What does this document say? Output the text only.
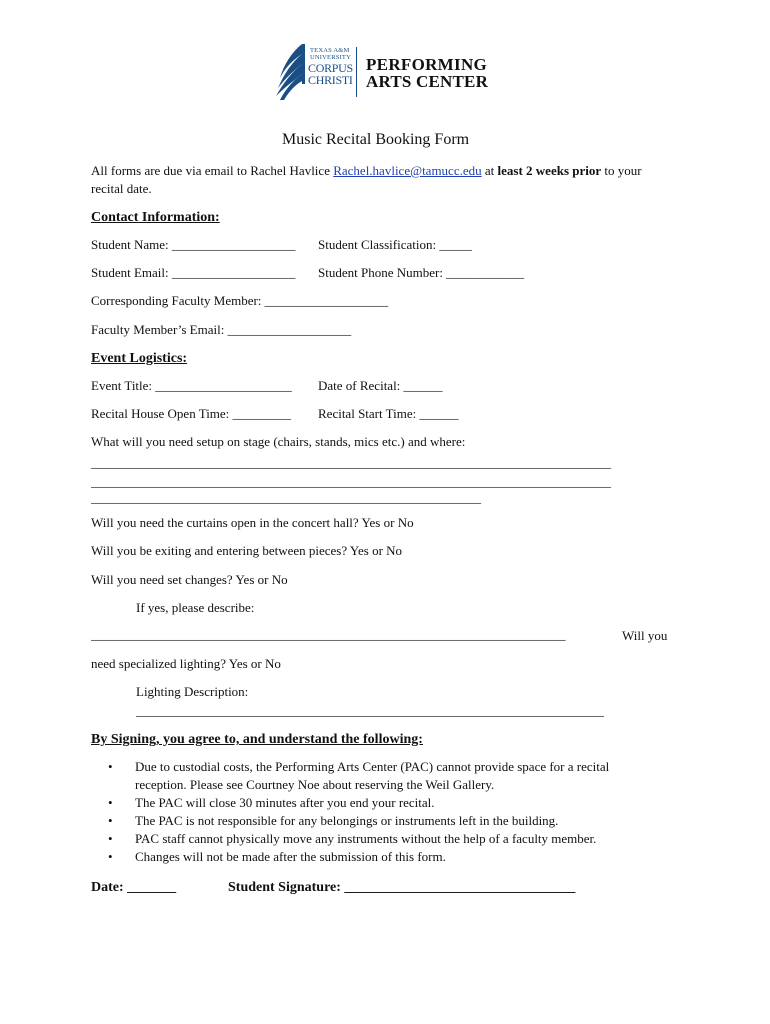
TEXAS A&M
UNIVERSITY
CORPUS
CHRISTI
PERFORMING
ARTS CENTER
Music Recital Booking Form
All forms are due via email to Rachel Havlice Rachel.havlice@tamucc.edu at least 2 weeks prior to your
recital date.
Contact Information:
Student Name: ___________________ Student Classification: _____
Student Email: ___________________ Student Phone Number: ____________
Corresponding Faculty Member: ___________________
Faculty Member’s Email: ___________________
Event Logistics:
Event Title: _____________________ Date of Recital: ______
Recital House Open Time: _________ Recital Start Time: ______
What will you need setup on stage (chairs, stands, mics etc.) and where:
________________________________________________________________________________
________________________________________________________________________________
____________________________________________________________
Will you need the curtains open in the concert hall? Yes or No
Will you be exiting and entering between pieces? Yes or No
Will you need set changes? Yes or No
If yes, please describe:
_________________________________________________________________________	Will you
need specialized lighting? Yes or No
Lighting Description:
________________________________________________________________________
By Signing, you agree to, and understand the following:
• Due to custodial costs, the Performing Arts Center (PAC) cannot provide space for a recital
reception. Please see Courtney Noe about reserving the Weil Gallery.
• The PAC will close 30 minutes after you end your recital.
• The PAC is not responsible for any belongings or instruments left in the building.
• PAC staff cannot physically move any instruments without the help of a faculty member.
• Changes will not be made after the submission of this form.
Date: _______	Student Signature: _________________________________
